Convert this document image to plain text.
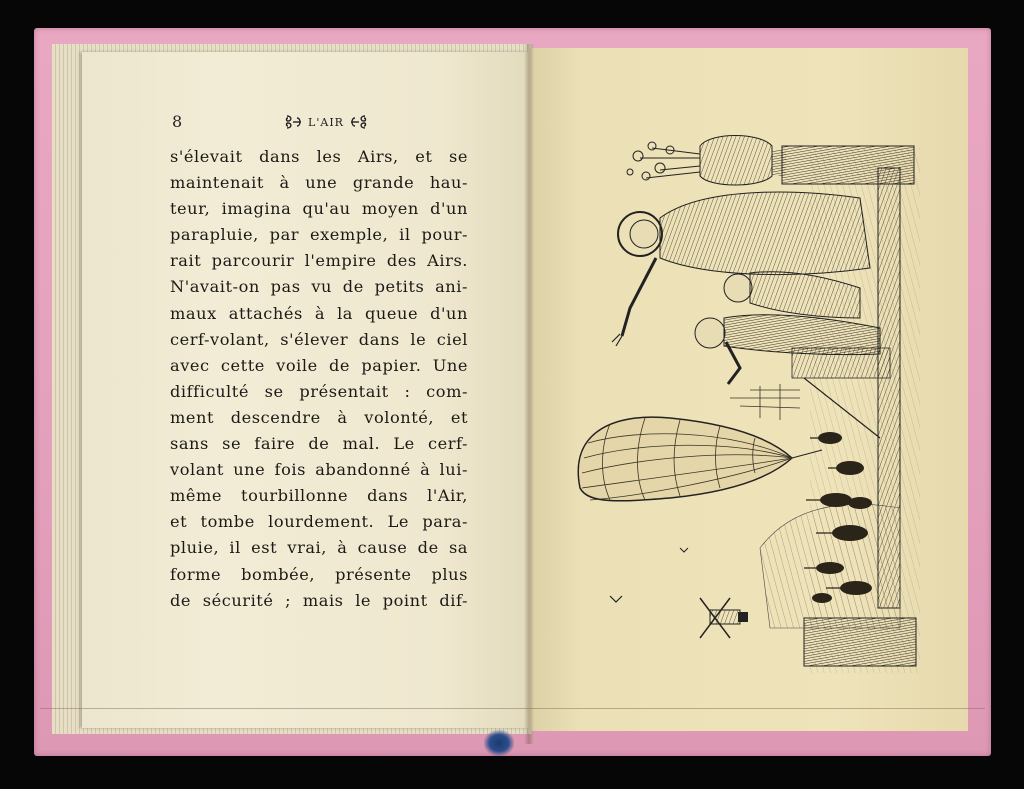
8	L'AIR
s'élevait dans les Airs, et se
maintenait à une grande hau-
teur, imagina qu'au moyen d'un
parapluie, par exemple, il pour-
rait parcourir l'empire des Airs.
N'avait-on pas vu de petits ani-
maux attachés à la queue d'un
cerf-volant, s'élever dans le ciel
avec cette voile de papier. Une
difficulté se présentait : com-
ment descendre à volonté, et
sans se faire de mal. Le cerf-
volant une fois abandonné à lui-
même tourbillonne dans l'Air,
et tombe lourdement. Le para-
pluie, il est vrai, à cause de sa
forme bombée, présente plus
de sécurité ; mais le point dif-
